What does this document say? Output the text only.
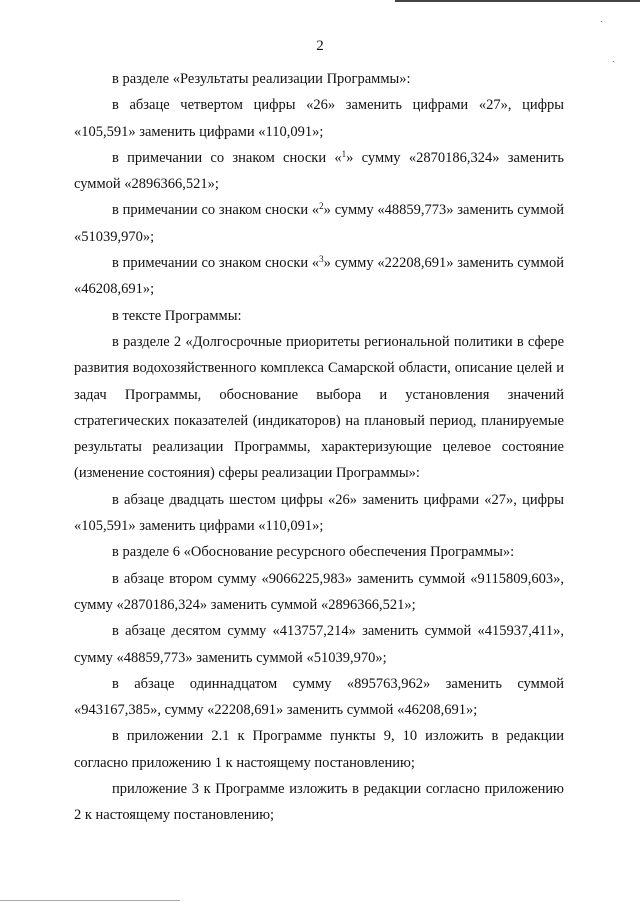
ˏ
ˏ
2

в разделе «Результаты реализации Программы»:

в абзаце четвертом цифры «26» заменить цифрами «27», цифры «105,591» заменить цифрами «110,091»;

в примечании со знаком сноски «$^1$» сумму «2870186,324» заменить суммой «2896366,521»;

в примечании со знаком сноски «$^2$» сумму «48859,773» заменить суммой «51039,970»;

в примечании со знаком сноски «$^3$» сумму «22208,691» заменить суммой «46208,691»;

в тексте Программы:

в разделе 2 «Долгосрочные приоритеты региональной политики в сфере развития водохозяйственного комплекса Самарской области, описание целей и задач Программы, обоснование выбора и установления значений стратегических показателей (индикаторов) на плановый период, планируемые результаты реализации Программы, характеризующие целевое состояние (изменение состояния) сферы реализации Программы»:

в абзаце двадцать шестом цифры «26» заменить цифрами «27», цифры «105,591» заменить цифрами «110,091»;

в разделе 6 «Обоснование ресурсного обеспечения Программы»:

в абзаце втором сумму «9066225,983» заменить суммой «9115809,603», сумму «2870186,324» заменить суммой «2896366,521»;

в абзаце десятом сумму «413757,214» заменить суммой «415937,411», сумму «48859,773» заменить суммой «51039,970»;

в абзаце одиннадцатом сумму «895763,962» заменить суммой «943167,385», сумму «22208,691» заменить суммой «46208,691»;

в приложении 2.1 к Программе пункты 9, 10 изложить в редакции согласно приложению 1 к настоящему постановлению;

приложение 3 к Программе изложить в редакции согласно приложению 2 к настоящему постановлению;
